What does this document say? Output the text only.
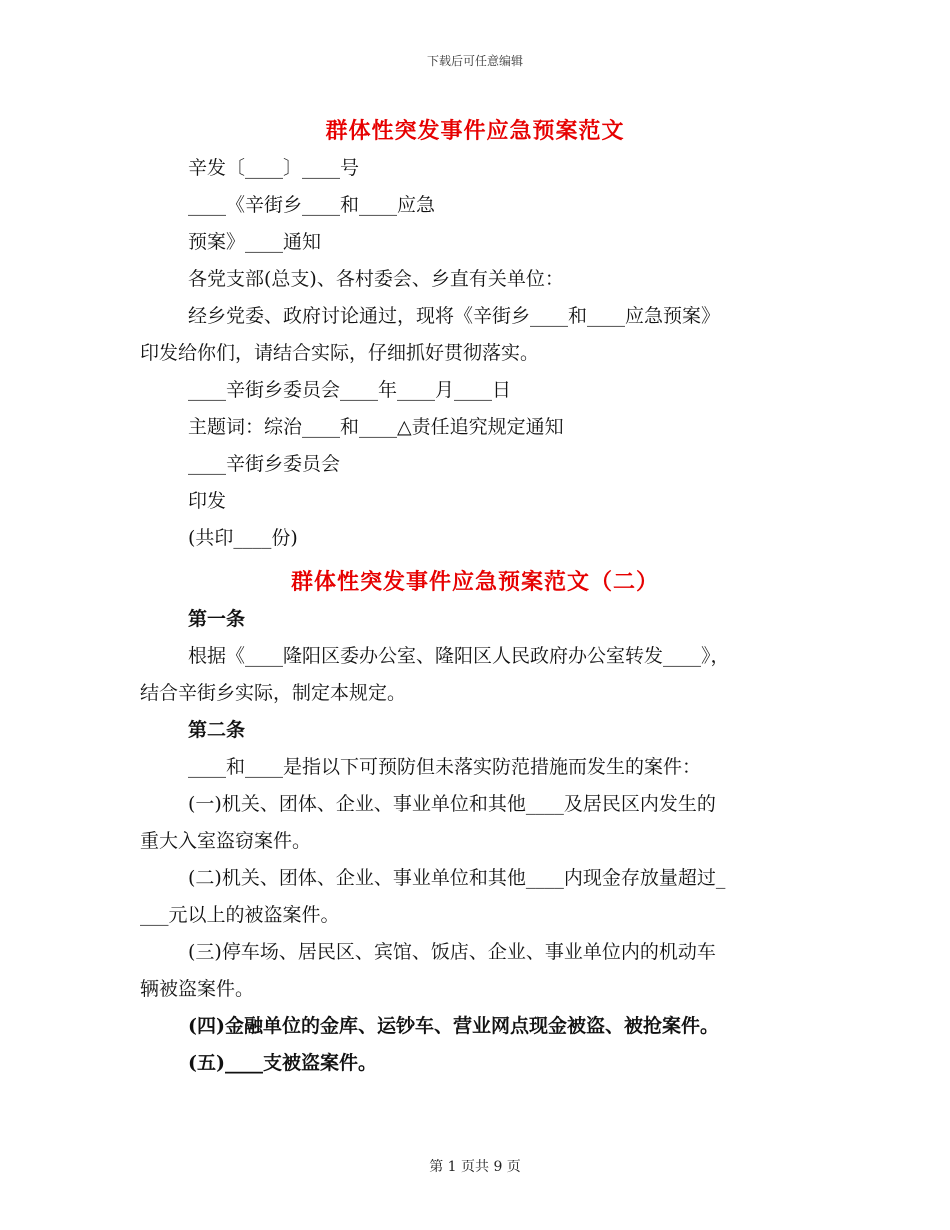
下载后可任意编辑
群体性突发事件应急预案范文

辛发〔____〕____号

____《辛街乡____和____应急

预案》____通知

各党支部(总支)、各村委会、乡直有关单位：

经乡党委、政府讨论通过，现将《辛街乡____和____应急预案》

印发给你们，请结合实际，仔细抓好贯彻落实。

____辛街乡委员会____年____月____日

主题词：综治____和____△责任追究规定通知

____辛街乡委员会

印发

(共印____份)

群体性突发事件应急预案范文（二）

第一条

根据《____隆阳区委办公室、隆阳区人民政府办公室转发____》，

结合辛街乡实际，制定本规定。

第二条

____和____是指以下可预防但未落实防范措施而发生的案件：

(一)机关、团体、企业、事业单位和其他____及居民区内发生的

重大入室盗窃案件。

(二)机关、团体、企业、事业单位和其他____内现金存放量超过_

___元以上的被盗案件。

(三)停车场、居民区、宾馆、饭店、企业、事业单位内的机动车

辆被盗案件。

(四)金融单位的金库、运钞车、营业网点现金被盗、被抢案件。

(五)____支被盗案件。

第 1 页共 9 页
